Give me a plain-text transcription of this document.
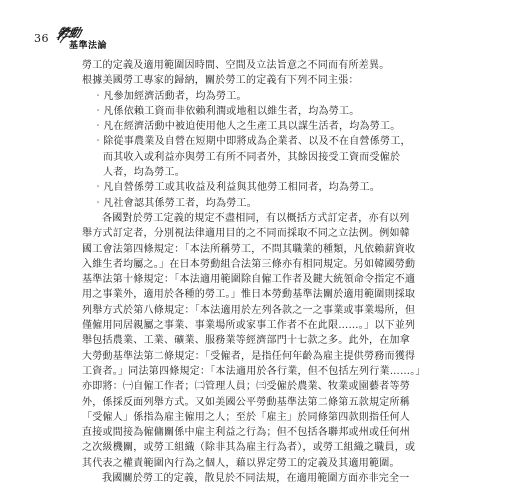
36 勞動
基準法論
勞工的定義及適用範圍因時間、空間及立法旨意之不同而有所差異。
根據美國勞工專家的歸納，關於勞工的定義有下列不同主張：
‧凡參加經濟活動者，均為勞工。
‧凡係依賴工資而非依賴利潤或地租以維生者，均為勞工。
‧凡在經濟活動中被迫使用他人之生產工具以謀生活者，均為勞工。
‧除從事農業及自營在短期中即將成為企業者、以及不在自營係勞工，
而其收入或利益亦與勞工有所不同者外，其餘因接受工資而受僱於
人者，均為勞工。
‧凡自營係勞工或其收益及利益與其他勞工相同者，均為勞工。
‧凡社會認其係勞工者，均為勞工。
各國對於勞工定義的規定不盡相同，有以概括方式訂定者，亦有以列
舉方式訂定者，分別視法律適用目的之不同而採取不同之立法例。例如韓
國工會法第四條規定：「本法所稱勞工，不問其職業的種類，凡依賴薪資收
入維生者均屬之。」在日本勞動組合法第三條亦有相同規定。另如韓國勞動
基準法第十條規定：「本法適用範圍除自僱工作者及鍵大統領命令指定不適
用之事業外，適用於各種的勞工。」惟日本勞動基準法關於適用範圍則採取
列舉方式於第八條規定：「本法適用於左列各款之一之事業或事業場所，但
僅僱用同居親屬之事業、事業場所或家事工作者不在此限……。」以下並列
舉包括農業、工業、礦業、服務業等經濟部門十七款之多。此外，在加拿
大勞動基準法第二條規定：「受僱者，是指任何年齡為雇主提供勞務而獲得
工資者。」同法第四條規定：「本法適用於各行業，但不包括左列行業……。」
亦即將：㈠自僱工作者；㈡管理人員；㈢受僱於農業、牧業或園藝者等勞
外，係採反面列舉方式。又如美國公平勞動基準法第二條第五款規定所稱
「受僱人」係指為雇主僱用之人；至於「雇主」於同條第四款則指任何人
直接或間接為僱傭關係中雇主利益之行為；但不包括各聯邦或州或任何州
之次級機關，或勞工組織（除非其為雇主行為者），或勞工組織之職員，或
其代表之權責範圍內行為之個人，藉以界定勞工的定義及其適用範圍。
我國關於勞工的定義，散見於不同法規，在適用範圍方面亦非完全一
